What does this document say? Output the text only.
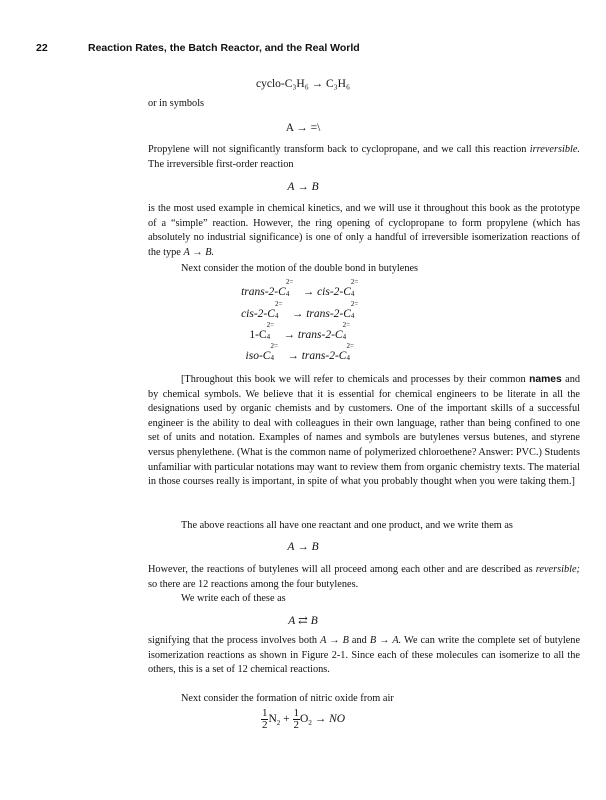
22	Reaction Rates, the Batch Reactor, and the Real World
cyclo-C₃H₆ → C₃H₆
or in symbols
A → =\

Propylene will not significantly transform back to cyclopropane, and we call this reaction irreversible. The irreversible first-order reaction

A → B

is the most used example in chemical kinetics, and we will use it throughout this book as the prototype of a “simple” reaction. However, the ring opening of cyclopropane to form propylene (which has absolutely no industrial significance) is one of only a handful of irreversible isomerization reactions of the type A → B.

Next consider the motion of the double bond in butylenes

trans-2-C
2=
4 → cis-2-C
2=
4
cis-2-C
2=
4 → trans-2-C
2=
4
1-C
2=
4 → trans-2-C
2=
4
iso-C
2=
4 → trans-2-C
2=
4

[Throughout this book we will refer to chemicals and processes by their common names and by chemical symbols. We believe that it is essential for chemical engineers to be literate in all the designations used by organic chemists and by customers. One of the important skills of a successful engineer is the ability to deal with colleagues in their own language, rather than being confined to one set of units and notation. Examples of names and symbols are butylenes versus butenes, and styrene versus phenylethene. (What is the common name of polymerized chloroethene? Answer: PVC.) Students unfamiliar with particular notations may want to review them from organic chemistry texts. The material in those courses really is important, in spite of what you probably thought when you were taking them.]

The above reactions all have one reactant and one product, and we write them as

A → B

However, the reactions of butylenes will all proceed among each other and are described as reversible; so there are 12 reactions among the four butylenes.

We write each of these as

A ⇄ B

signifying that the process involves both A → B and B → A. We can write the complete set of butylene isomerization reactions as shown in Figure 2-1. Since each of these molecules can isomerize to all the others, this is a set of 12 chemical reactions.

Next consider the formation of nitric oxide from air

$\frac{1}{2} N_2 + \frac{1}{2} O_2$ → NO
